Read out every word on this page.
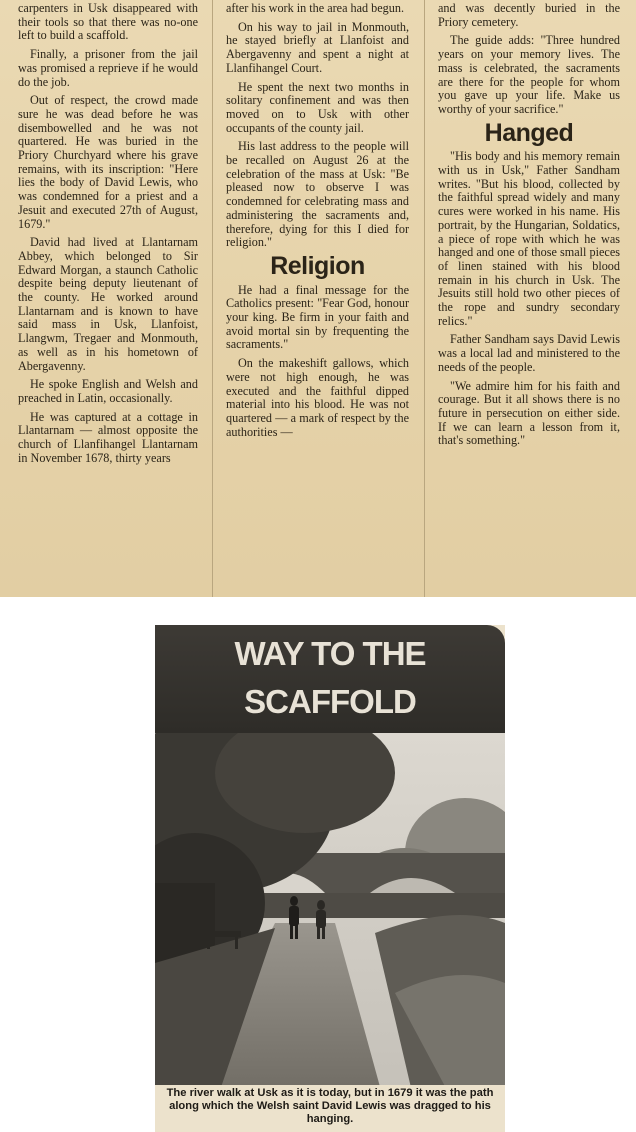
carpenters in Usk disappeared with their tools so that there was no-one left to build a scaffold.

Finally, a prisoner from the jail was promised a reprieve if he would do the job.

Out of respect, the crowd made sure he was dead before he was disembowelled and he was not quartered. He was buried in the Priory Churchyard where his grave remains, with its inscription: "Here lies the body of David Lewis, who was condemned for a priest and a Jesuit and executed 27th of August, 1679."

David had lived at Llantarnam Abbey, which belonged to Sir Edward Morgan, a staunch Catholic despite being deputy lieutenant of the county. He worked around Llantarnam and is known to have said mass in Usk, Llanfoist, Llangwm, Tregaer and Monmouth, as well as in his hometown of Abergavenny.

He spoke English and Welsh and preached in Latin, occasionally.

He was captured at a cottage in Llantarnam — almost opposite the church of Llanfihangel Llantarnam in November 1678, thirty years

after his work in the area had begun.

On his way to jail in Monmouth, he stayed briefly at Llanfoist and Abergavenny and spent a night at Llanfihangel Court.

He spent the next two months in solitary confinement and was then moved on to Usk with other occupants of the county jail.

His last address to the people will be recalled on August 26 at the celebration of the mass at Usk: "Be pleased now to observe I was condemned for celebrating mass and administering the sacraments and, therefore, dying for this I died for religion."

Religion

He had a final message for the Catholics present: "Fear God, honour your king. Be firm in your faith and avoid mortal sin by frequenting the sacraments."

On the makeshift gallows, which were not high enough, he was executed and the faithful dipped material into his blood. He was not quartered — a mark of respect by the authorities —

and was decently buried in the Priory cemetery.

The guide adds: "Three hundred years on your memory lives. The mass is celebrated, the sacraments are there for the people for whom you gave up your life. Make us worthy of your sacrifice."

Hanged

"His body and his memory remain with us in Usk," Father Sandham writes. "But his blood, collected by the faithful spread widely and many cures were worked in his name. His portrait, by the Hungarian, Soldatics, a piece of rope with which he was hanged and one of those small pieces of linen stained with his blood remain in his church in Usk. The Jesuits still hold two other pieces of the rope and sundry secondary relics."

Father Sandham says David Lewis was a local lad and ministered to the needs of the people.

"We admire him for his faith and courage. But it all shows there is no future in persecution on either side. If we can learn a lesson from it, that's something."

WAY TO THE
SCAFFOLD
The river walk at Usk as it is today, but in 1679 it was the path along which the Welsh saint David Lewis was dragged to his hanging.
